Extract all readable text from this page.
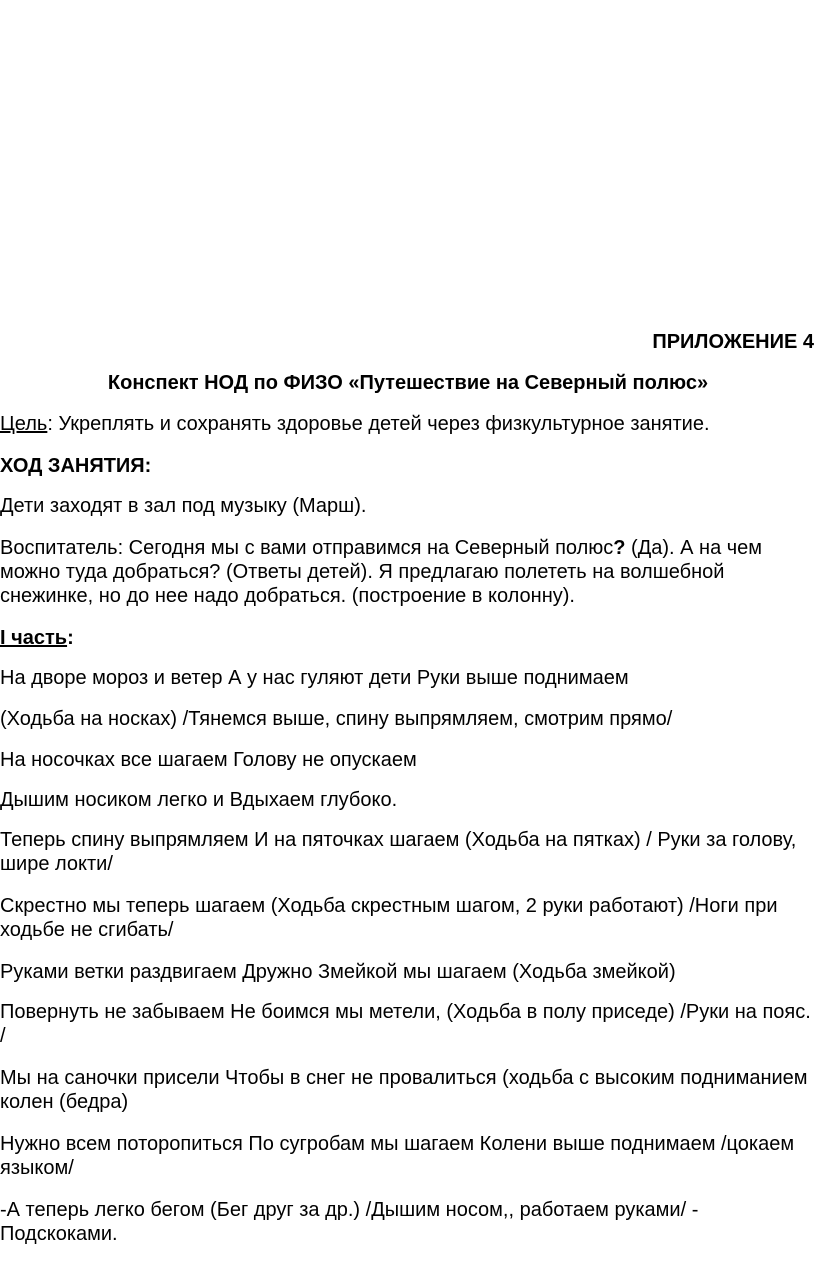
ПРИЛОЖЕНИЕ 4
Конспект НОД по ФИЗО «Путешествие на Северный полюс»

Цель: Укреплять и сохранять здоровье детей через физкультурное занятие.

ХОД ЗАНЯТИЯ:

Дети заходят в зал под музыку (Марш).

Воспитатель: Сегодня мы с вами отправимся на Северный полюс? (Да). А на чем можно туда добраться? (Ответы детей). Я предлагаю полететь на волшебной снежинке, но до нее надо добраться. (построение в колонну).

I часть:

На дворе мороз и ветер А у нас гуляют дети Руки выше поднимаем

(Ходьба на носках) /Тянемся выше, спину выпрямляем, смотрим прямо/

На носочках все шагаем Голову не опускаем

Дышим носиком легко и Вдыхаем глубоко.

Теперь спину выпрямляем И на пяточках шагаем (Ходьба на пятках) / Руки за голову, шире локти/

Скрестно мы теперь шагаем (Ходьба скрестным шагом, 2 руки работают) /Ноги при ходьбе не сгибать/

Руками ветки раздвигаем Дружно Змейкой мы шагаем (Ходьба змейкой)

Повернуть не забываем Не боимся мы метели, (Ходьба в полу приседе) /Руки на пояс. /

Мы на саночки присели Чтобы в снег не провалиться (ходьба с высоким подниманием колен (бедра)

Нужно всем поторопиться По сугробам мы шагаем Колени выше поднимаем /цокаем языком/

-А теперь легко бегом (Бег друг за др.) /Дышим носом,, работаем руками/ - Подскоками.
